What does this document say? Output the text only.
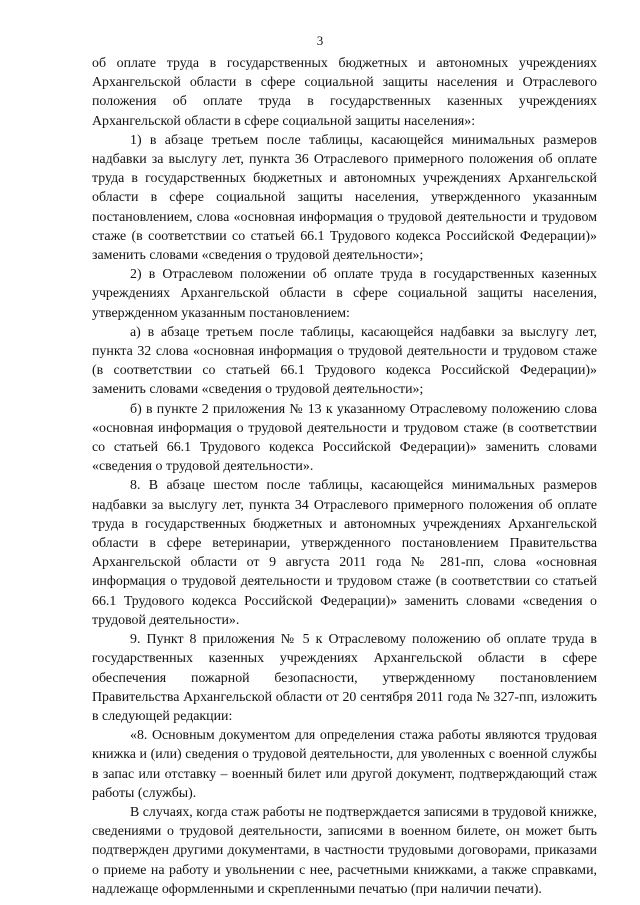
3

об оплате труда в государственных бюджетных и автономных учреждениях Архангельской области в сфере социальной защиты населения и Отраслевого положения об оплате труда в государственных казенных учреждениях Архангельской области в сфере социальной защиты населения»:

1) в абзаце третьем после таблицы, касающейся минимальных размеров надбавки за выслугу лет, пункта 36 Отраслевого примерного положения об оплате труда в государственных бюджетных и автономных учреждениях Архангельской области в сфере социальной защиты населения, утвержденного указанным постановлением, слова «основная информация о трудовой деятельности и трудовом стаже (в соответствии со статьей 66.1 Трудового кодекса Российской Федерации)» заменить словами «сведения о трудовой деятельности»;

2) в Отраслевом положении об оплате труда в государственных казенных учреждениях Архангельской области в сфере социальной защиты населения, утвержденном указанным постановлением:

а) в абзаце третьем после таблицы, касающейся надбавки за выслугу лет, пункта 32 слова «основная информация о трудовой деятельности и трудовом стаже (в соответствии со статьей 66.1 Трудового кодекса Российской Федерации)» заменить словами «сведения о трудовой деятельности»;

б) в пункте 2 приложения № 13 к указанному Отраслевому положению слова «основная информация о трудовой деятельности и трудовом стаже (в соответствии со статьей 66.1 Трудового кодекса Российской Федерации)» заменить словами «сведения о трудовой деятельности».

8. В абзаце шестом после таблицы, касающейся минимальных размеров надбавки за выслугу лет, пункта 34 Отраслевого примерного положения об оплате труда в государственных бюджетных и автономных учреждениях Архангельской области в сфере ветеринарии, утвержденного постановлением Правительства Архангельской области от 9 августа 2011 года № 281-пп, слова «основная информация о трудовой деятельности и трудовом стаже (в соответствии со статьей 66.1 Трудового кодекса Российской Федерации)» заменить словами «сведения о трудовой деятельности».

9. Пункт 8 приложения № 5 к Отраслевому положению об оплате труда в государственных казенных учреждениях Архангельской области в сфере обеспечения пожарной безопасности, утвержденному постановлением Правительства Архангельской области от 20 сентября 2011 года № 327-пп, изложить в следующей редакции:

«8. Основным документом для определения стажа работы являются трудовая книжка и (или) сведения о трудовой деятельности, для уволенных с военной службы в запас или отставку – военный билет или другой документ, подтверждающий стаж работы (службы).

В случаях, когда стаж работы не подтверждается записями в трудовой книжке, сведениями о трудовой деятельности, записями в военном билете, он может быть подтвержден другими документами, в частности трудовыми договорами, приказами о приеме на работу и увольнении с нее, расчетными книжками, а также справками, надлежаще оформленными и скрепленными печатью (при наличии печати).
